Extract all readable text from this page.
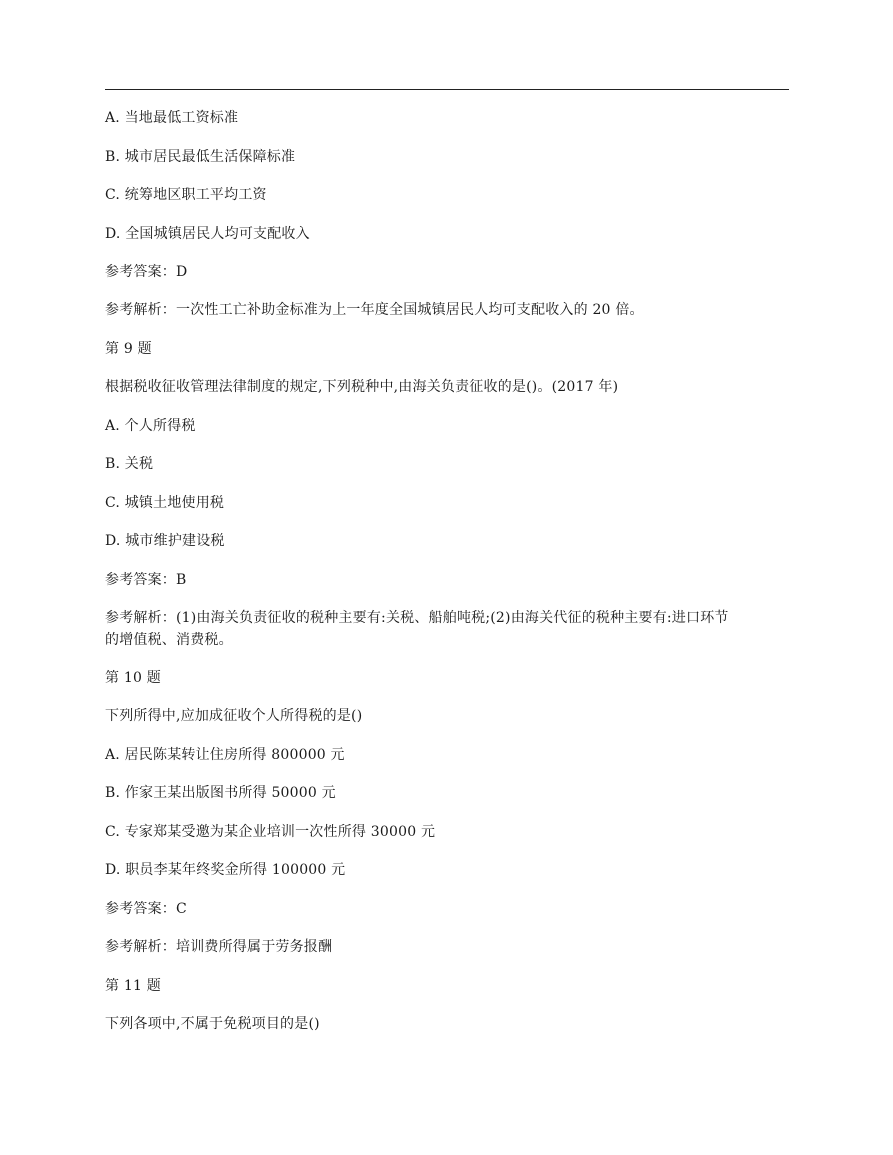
A. 当地最低工资标准
B. 城市居民最低生活保障标准
C. 统筹地区职工平均工资
D. 全国城镇居民人均可支配收入
参考答案：D
参考解析：一次性工亡补助金标准为上一年度全国城镇居民人均可支配收入的 20 倍。
第 9 题
根据税收征收管理法律制度的规定,下列税种中,由海关负责征收的是()。(2017 年)
A. 个人所得税
B. 关税
C. 城镇土地使用税
D. 城市维护建设税
参考答案：B
参考解析：(1)由海关负责征收的税种主要有:关税、船舶吨税;(2)由海关代征的税种主要有:进口环节
的增值税、消费税。
第 10 题
下列所得中,应加成征收个人所得税的是()
A. 居民陈某转让住房所得 800000 元
B. 作家王某出版图书所得 50000 元
C. 专家郑某受邀为某企业培训一次性所得 30000 元
D. 职员李某年终奖金所得 100000 元
参考答案：C
参考解析：培训费所得属于劳务报酬
第 11 题
下列各项中,不属于免税项目的是()
